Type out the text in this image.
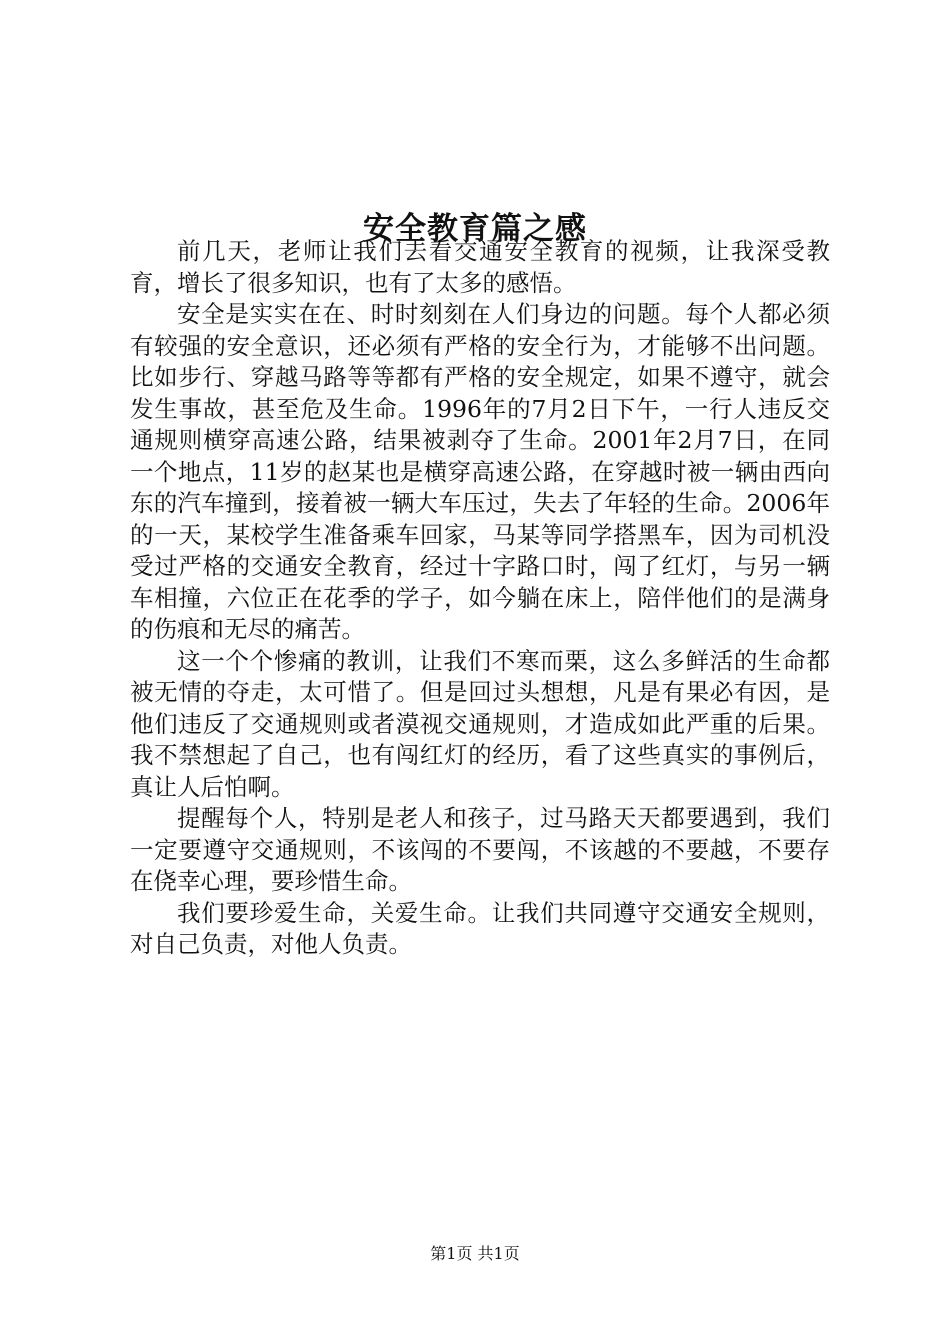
安全教育篇之感

前几天，老师让我们去看交通安全教育的视频，让我深受教育，增长了很多知识，也有了太多的感悟。

安全是实实在在、时时刻刻在人们身边的问题。每个人都必须有较强的安全意识，还必须有严格的安全行为，才能够不出问题。比如步行、穿越马路等等都有严格的安全规定，如果不遵守，就会发生事故，甚至危及生命。1996年的7月2日下午，一行人违反交通规则横穿高速公路，结果被剥夺了生命。2001年2月7日，在同一个地点，11岁的赵某也是横穿高速公路，在穿越时被一辆由西向东的汽车撞到，接着被一辆大车压过，失去了年轻的生命。2006年的一天，某校学生准备乘车回家，马某等同学搭黑车，因为司机没受过严格的交通安全教育，经过十字路口时，闯了红灯，与另一辆车相撞，六位正在花季的学子，如今躺在床上，陪伴他们的是满身的伤痕和无尽的痛苦。

这一个个惨痛的教训，让我们不寒而栗，这么多鲜活的生命都被无情的夺走，太可惜了。但是回过头想想，凡是有果必有因，是他们违反了交通规则或者漠视交通规则，才造成如此严重的后果。我不禁想起了自己，也有闯红灯的经历，看了这些真实的事例后，真让人后怕啊。

提醒每个人，特别是老人和孩子，过马路天天都要遇到，我们一定要遵守交通规则，不该闯的不要闯，不该越的不要越，不要存在侥幸心理，要珍惜生命。

我们要珍爱生命，关爱生命。让我们共同遵守交通安全规则，对自己负责，对他人负责。

第1页 共1页
